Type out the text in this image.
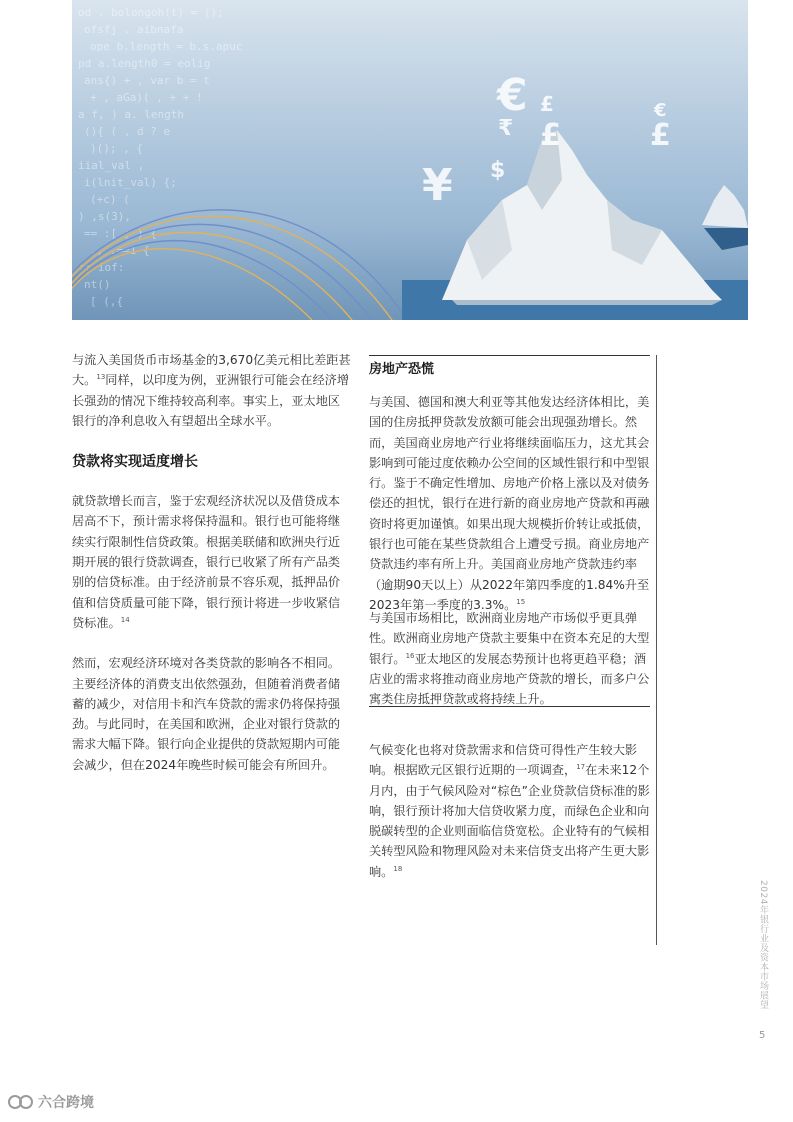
od . bolongoh(t) = ();
ofsfj . aibnafa
ope b.length = b.s.apuc
pd a.length0 = eolig
ans{) + , var b = t
+ , aGa)( , + + !
a f, ) a. length
(){ ( , d ? e
)(); , {
iial_val ,
i(lnit_val) {;
(+c) (
) ,s(3),
== :[ ; ) {
,, ,==1 {
:; iof:
nt()
[ (,{
€
£
₹
$
¥
£
£	€

与流入美国货币市场基金的3,670亿美元相比差距甚大。$^{13}$同样，以印度为例，亚洲银行可能会在经济增长强劲的情况下维持较高利率。事实上，亚太地区银行的净利息收入有望超出全球水平。

贷款将实现适度增长

就贷款增长而言，鉴于宏观经济状况以及借贷成本居高不下，预计需求将保持温和。银行也可能将继续实行限制性信贷政策。根据美联储和欧洲央行近期开展的银行贷款调查，银行已收紧了所有产品类别的信贷标准。由于经济前景不容乐观，抵押品价值和信贷质量可能下降，银行预计将进一步收紧信贷标准。$^{14}$

然而，宏观经济环境对各类贷款的影响各不相同。主要经济体的消费支出依然强劲，但随着消费者储蓄的减少，对信用卡和汽车贷款的需求仍将保持强劲。与此同时，在美国和欧洲，企业对银行贷款的需求大幅下降。银行向企业提供的贷款短期内可能会减少，但在2024年晚些时候可能会有所回升。

房地产恐慌
与美国、德国和澳大利亚等其他发达经济体相比，美国的住房抵押贷款发放额可能会出现强劲增长。然而，美国商业房地产行业将继续面临压力，这尤其会影响到可能过度依赖办公空间的区域性银行和中型银行。鉴于不确定性增加、房地产价格上涨以及对债务偿还的担忧，银行在进行新的商业房地产贷款和再融资时将更加谨慎。如果出现大规模折价转让或抵债，银行也可能在某些贷款组合上遭受亏损。商业房地产贷款违约率有所上升。美国商业房地产贷款违约率（逾期90天以上）从2022年第四季度的1.84%升至2023年第一季度的3.3%。$^{15}$
与美国市场相比，欧洲商业房地产市场似乎更具弹性。欧洲商业房地产贷款主要集中在资本充足的大型银行。$^{16}$亚太地区的发展态势预计也将更趋平稳；酒店业的需求将推动商业房地产贷款的增长，而多户公寓类住房抵押贷款或将持续上升。
气候变化也将对贷款需求和信贷可得性产生较大影响。根据欧元区银行近期的一项调查，$^{17}$在未来12个月内，由于气候风险对“棕色”企业贷款信贷标准的影响，银行预计将加大信贷收紧力度，而绿色企业和向脱碳转型的企业则面临信贷宽松。企业特有的气候相关转型风险和物理风险对未来信贷支出将产生更大影响。$^{18}$
2024年银行业及资本市场展望
5
六合跨境
